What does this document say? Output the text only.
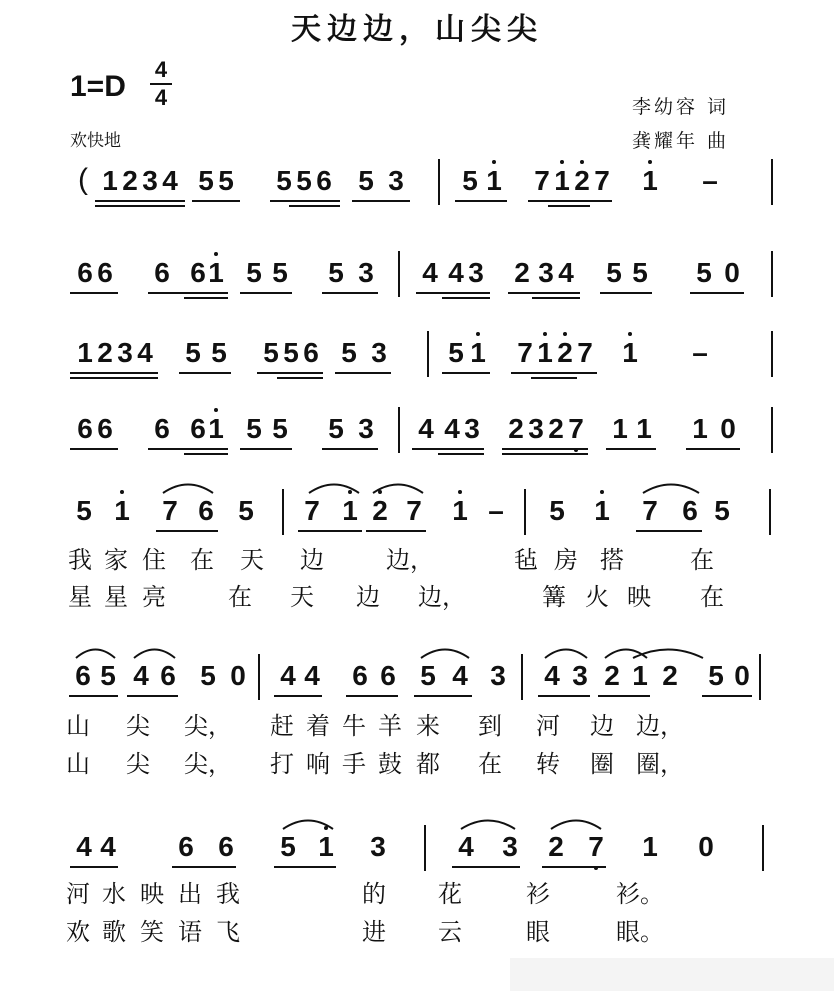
天边边，山尖尖
1=D
4
4
欢快地
李幼容 词
龚耀年 曲
( 1 2 3 4 5 5 5 5 6 5 3 5 1 7 1 2 7 1 –
6 6 6 6 1 5 5 5 3 4 4 3 2 3 4 5 5 5 0
1 2 3 4 5 5 5 5 6 5 3 5 1 7 1 2 7 1 –
6 6 6 6 1 5 5 5 3 4 4 3 2 3 2 7 1 1 1 0
5 1 7 6 5 7 1 2 7 1 – 5 1 7 6 5
6 5 4 6 5 0 4 4 6 6 5 4 3 4 3 2 1 2 5 0
4 4 6 6 5 1 3	4 3 2 7 1 0
我 家 住 在 天 边	边，	毡 房 搭	在
星 星 亮	在 天 边 边，	篝 火 映 在
山 尖 尖， 赶 着 牛 羊 来 到 河 边 边，
山 尖 尖， 打 响 手 鼓 都 在 转 圈 圈，
河 水 映 出 我	的 花	衫	衫。
欢 歌 笑 语 飞	进 云	眼	眼。
